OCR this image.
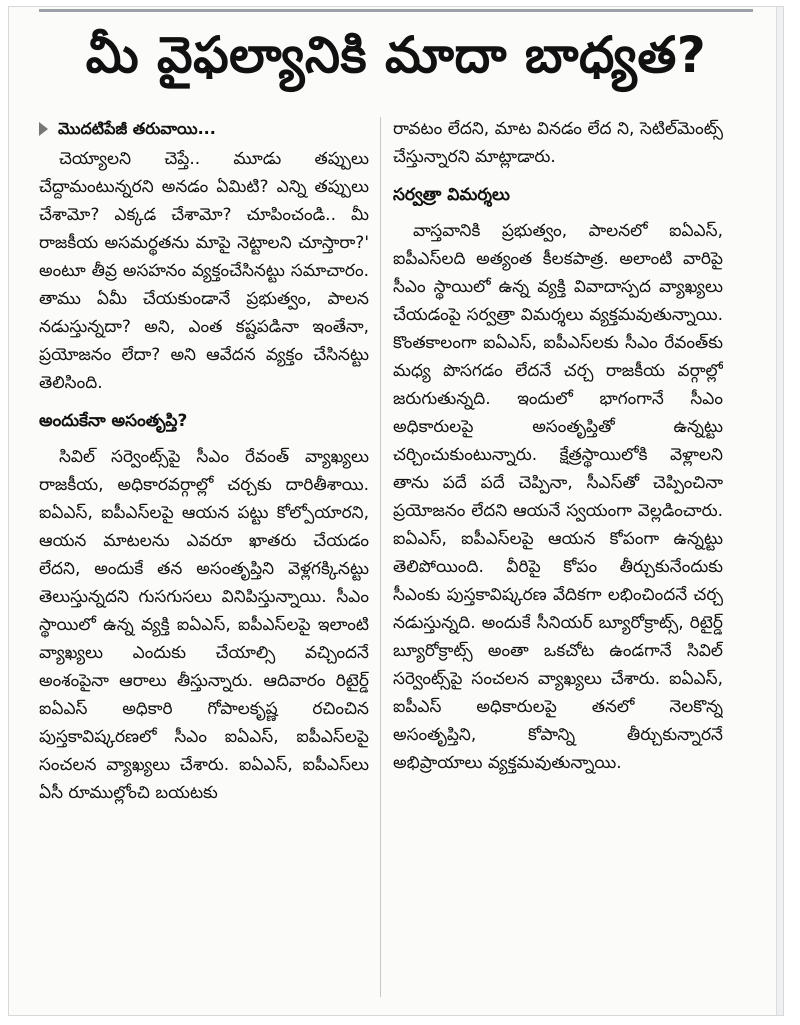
మీ వైఫల్యానికి మాదా బాధ్యత?
మొదటిపేజీ తరువాయి...

చెయ్యాలని చెప్తే.. మూడు తప్పులు చేద్దామంటున్నరని అనడం ఏమిటి? ఎన్ని తప్పులు చేశామో? ఎక్కడ చేశామో? చూపించండి.. మీ రాజకీయ అసమర్థతను మాపై నెట్టాలని చూస్తారా?' అంటూ తీవ్ర అసహనం వ్యక్తంచేసినట్టు సమాచారం. తాము ఏమీ చేయకుండానే ప్రభుత్వం, పాలన నడుస్తున్నదా? అని, ఎంత కష్టపడినా ఇంతేనా, ప్రయోజనం లేదా? అని ఆవేదన వ్యక్తం చేసినట్టు తెలిసింది.

అందుకేనా అసంతృప్తి?

సివిల్ సర్వెంట్స్‌పై సీఎం రేవంత్ వ్యాఖ్యలు రాజకీయ, అధికారవర్గాల్లో చర్చకు దారితీశాయి. ఐఏఎస్, ఐపీఎస్‌లపై ఆయన పట్టు కోల్పోయారని, ఆయన మాటలను ఎవరూ ఖాతరు చేయడం లేదని, అందుకే తన అసంతృప్తిని వెళ్లగక్కినట్టు తెలుస్తున్నదని గుసగుసలు వినిపిస్తున్నాయి. సీఎం స్థాయిలో ఉన్న వ్యక్తి ఐఏఎస్, ఐపీఎస్‌లపై ఇలాంటి వ్యాఖ్యలు ఎందుకు చేయాల్సి వచ్చిందనే అంశంపైనా ఆరాలు తీస్తున్నారు. ఆదివారం రిటైర్డ్ ఐఏఎస్ అధికారి గోపాలకృష్ణ రచించిన పుస్తకావిష్కరణలో సీఎం ఐఏఎస్, ఐపీఎస్‌లపై సంచలన వ్యాఖ్యలు చేశారు. ఐఏఎస్, ఐపీఎస్‌లు ఏసీ రూముల్లోంచి బయటకు

రావటం లేదని, మాట వినడం లేద ని, సెటిల్‌మెంట్స్ చేస్తున్నారని మాట్లాడారు.

సర్వత్రా విమర్శలు

వాస్తవానికి ప్రభుత్వం, పాలనలో ఐఏఎస్, ఐపీఎస్‌లది అత్యంత కీలకపాత్ర. అలాంటి వారిపై సీఎం స్థాయిలో ఉన్న వ్యక్తి వివాదాస్పద వ్యాఖ్యలు చేయడంపై సర్వత్రా విమర్శలు వ్యక్తమవుతున్నాయి. కొంతకాలంగా ఐఏఎస్, ఐపీఎస్‌లకు సీఎం రేవంత్‌కు మధ్య పొసగడం లేదనే చర్చ రాజకీయ వర్గాల్లో జరుగుతున్నది. ఇందులో భాగంగానే సీఎం అధికారులపై అసంతృప్తితో ఉన్నట్టు చర్చించుకుంటున్నారు. క్షేత్రస్థాయిలోకి వెళ్లాలని తాను పదే పదే చెప్పినా, సీఎస్‌తో చెప్పించినా ప్రయోజనం లేదని ఆయనే స్వయంగా వెల్లడించారు. ఐఏఎస్, ఐపీఎస్‌లపై ఆయన కోపంగా ఉన్నట్టు తెలిపోయింది. వీరిపై కోపం తీర్చుకునేందుకు సీఎంకు పుస్తకావిష్కరణ వేదికగా లభించిందనే చర్చ నడుస్తున్నది. అందుకే సీనియర్ బ్యూరోక్రాట్స్, రిటైర్డ్ బ్యూరోక్రాట్స్ అంతా ఒకచోట ఉండగానే సివిల్ సర్వెంట్స్‌పై సంచలన వ్యాఖ్యలు చేశారు. ఐఏఎస్, ఐపీఎస్ అధికారులపై తనలో నెలకొన్న అసంతృప్తిని, కోపాన్ని తీర్చుకున్నారనే అభిప్రాయాలు వ్యక్తమవుతున్నాయి.
